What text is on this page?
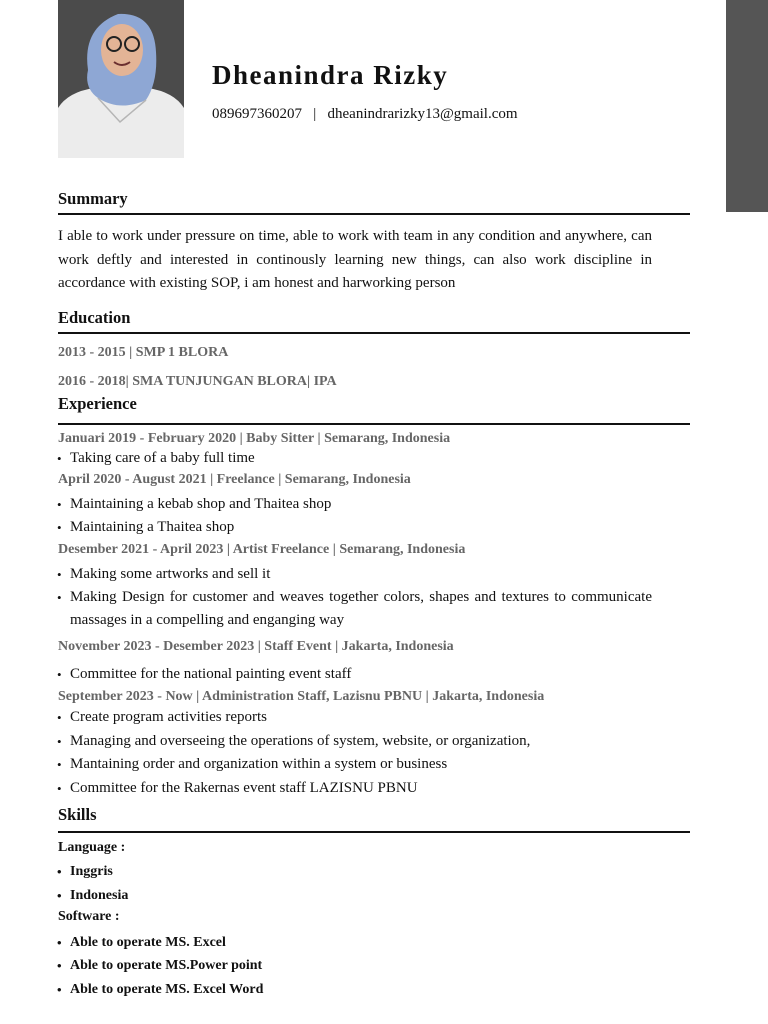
Dheanindra Rizky
089697360207 | dheanindrarizky13@gmail.com
Summary

I able to work under pressure on time, able to work with team in any condition and anywhere, can work deftly and interested in continously learning new things, can also work discipline in accordance with existing SOP, i am honest and harworking person

Education
2013 - 2015 | SMP 1 BLORA
2016 - 2018| SMA TUNJUNGAN BLORA| IPA
Experience
Januari 2019 - February 2020 | Baby Sitter | Semarang, Indonesia
• Taking care of a baby full time
April 2020 - August 2021 | Freelance | Semarang, Indonesia
• Maintaining a kebab shop and Thaitea shop
• Maintaining a Thaitea shop
Desember 2021 - April 2023 | Artist Freelance | Semarang, Indonesia
• Making some artworks and sell it
• Making Design for customer and weaves together colors, shapes and textures to communicate massages in a compelling and enganging way
November 2023 - Desember 2023 | Staff Event | Jakarta, Indonesia
• Committee for the national painting event staff
September 2023 - Now | Administration Staff, Lazisnu PBNU | Jakarta, Indonesia
• Create program activities reports
• Managing and overseeing the operations of system, website, or organization,
• Mantaining order and organization within a system or business
• Committee for the Rakernas event staff LAZISNU PBNU
Skills
Language :
• Inggris
• Indonesia
Software :
• Able to operate MS. Excel
• Able to operate MS.Power point
• Able to operate MS. Excel Word
